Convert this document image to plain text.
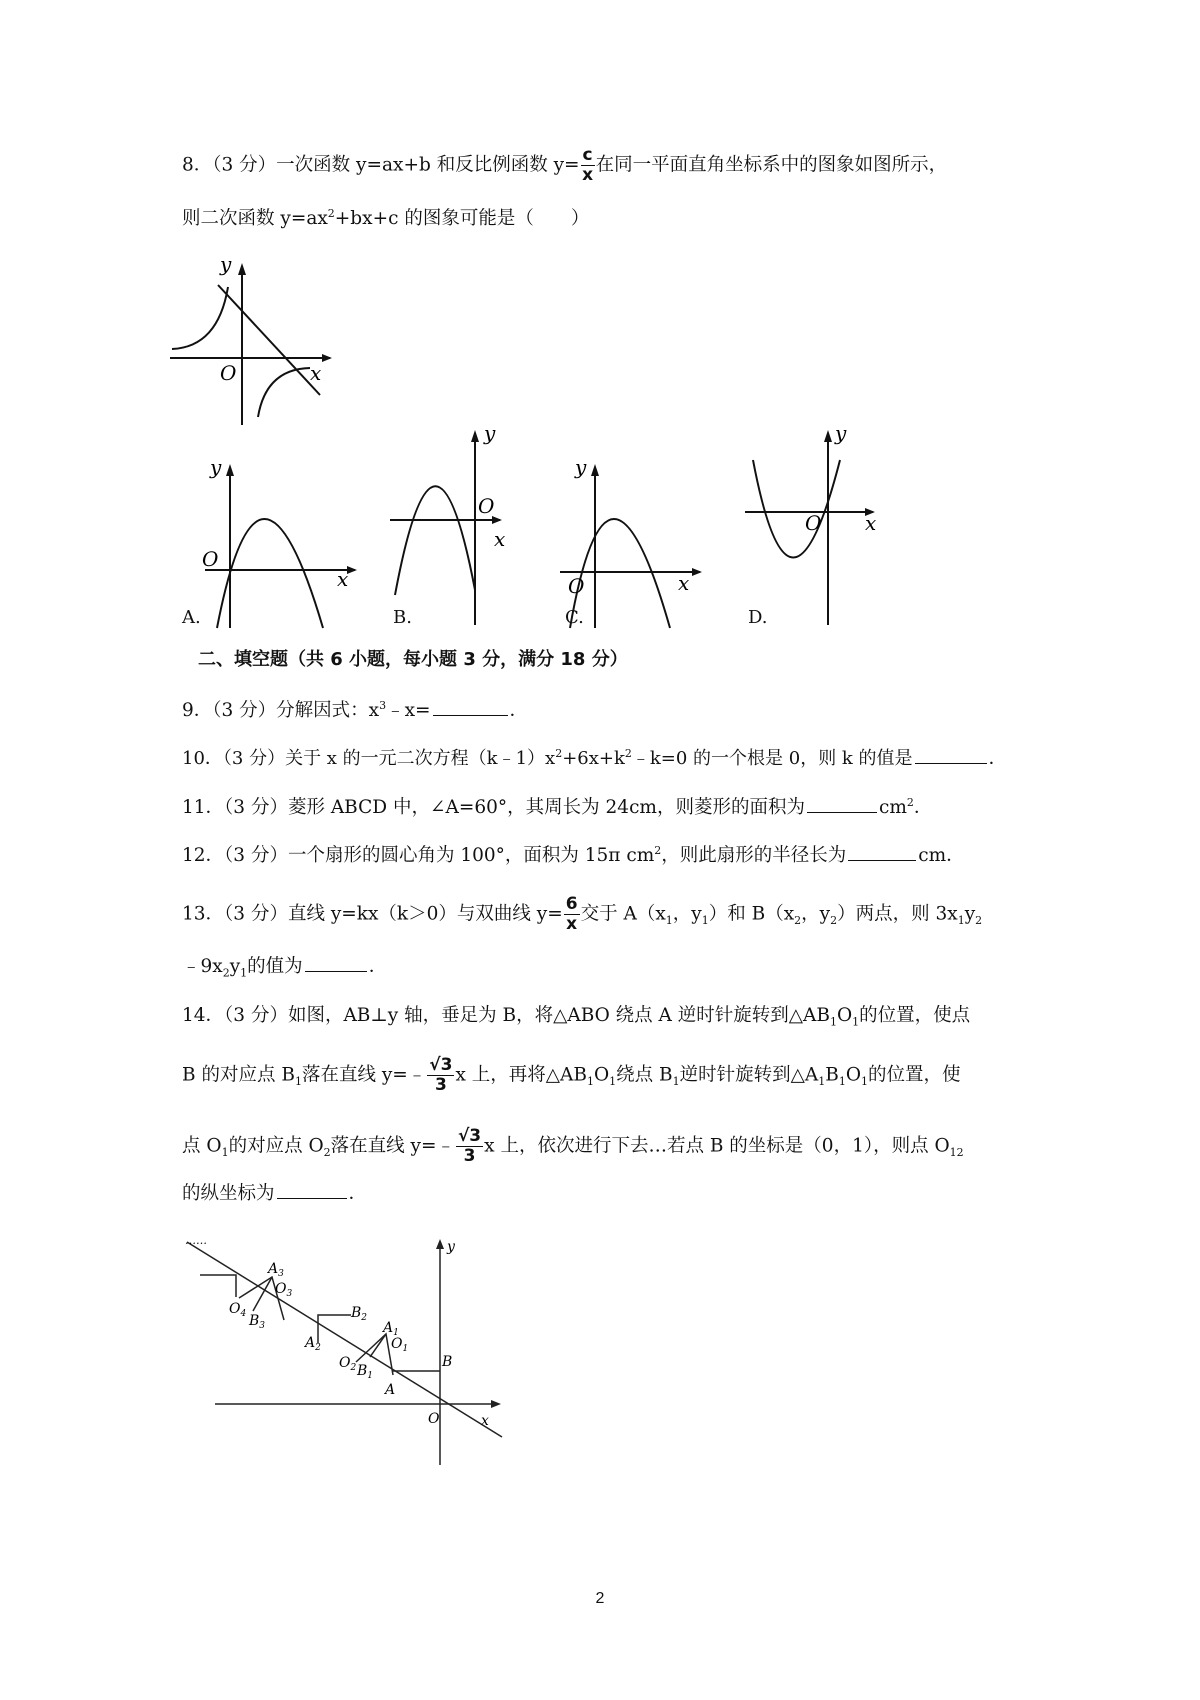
8．（3 分）一次函数 y=ax+b 和反比例函数 $y= \frac{c}{x}$ 在同一平面直角坐标系中的图象如图所示，
则二次函数 $y=ax^2+bx+c$ 的图象可能是（　　）
y
x
O
y
x
O
y
x
O
y
x
O
y
x
O
A.	B.	C.	D.
二、填空题（共 6 小题，每小题 3 分，满分 18 分）
9．（3 分）分解因式：$x^3﹣x=$	．
10．（3 分）关于 x 的一元二次方程$(k﹣1)x^2+6x+k^2﹣k=0$ 的一个根是 0，则 k 的值是	．
11．（3 分）菱形 ABCD 中，∠A=60°，其周长为 24cm，则菱形的面积为	$cm^2$．
12．（3 分）一个扇形的圆心角为 100°，面积为 15π $cm^2$，则此扇形的半径长为	cm．
13．（3 分）直线 y=kx（k＞0）与双曲线 $y= \frac{6}{x}$ 交于 $A(x_1$，$y_1$）和 $B(x_2$，$y_2$）两点，则 $3x_1y_2$
$﹣9x_2y_1$的值为	．
14．（3 分）如图，AB⊥y 轴，垂足为 B，将△ABO 绕点 A 逆时针旋转到$\triangle AB_1O_1$的位置，使点
B 的对应点 $B_1$落在直线 y=﹣ $\frac{√3}{3}$ x 上，再将$\triangle AB_1O_1$绕点 $B_1$逆时针旋转到$\triangle A_1B_1O_1$的位置，使
点 $O_1$的对应点 $O_2$落在直线 y=﹣ $\frac{√3}{3}$ x 上，依次进行下去…若点 B 的坐标是（0，1），则点 $O_{12}$
的纵坐标为	．
……	y
x
O
B
A
$A_1$
$O_1$
$B_1$
$O_2$
$A_2$
$B_2$
$A_3$
$O_3$
$B_3$
$O_4$
2
